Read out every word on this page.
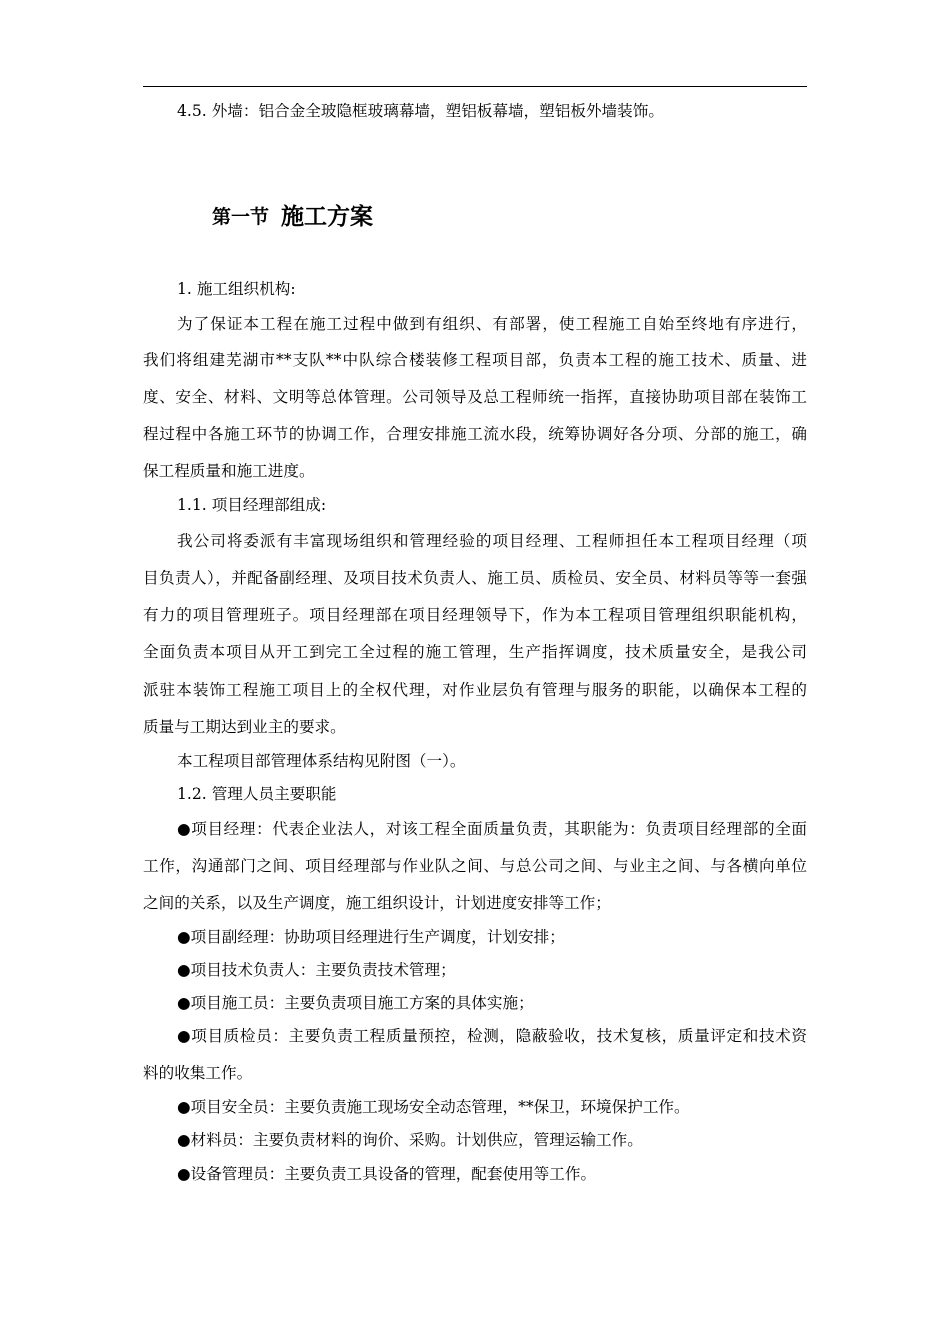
4.5. 外墙：铝合金全玻隐框玻璃幕墙，塑铝板幕墙，塑铝板外墙装饰。
第一节 施工方案
1. 施工组织机构:
为了保证本工程在施工过程中做到有组织、有部署，使工程施工自始至终地有序进行，
我们将组建芜湖市**支队**中队综合楼装修工程项目部，负责本工程的施工技术、质量、进
度、安全、材料、文明等总体管理。公司领导及总工程师统一指挥，直接协助项目部在装饰工
程过程中各施工环节的协调工作，合理安排施工流水段，统筹协调好各分项、分部的施工，确
保工程质量和施工进度。
1.1. 项目经理部组成:
我公司将委派有丰富现场组织和管理经验的项目经理、工程师担任本工程项目经理（项
目负责人），并配备副经理、及项目技术负责人、施工员、质检员、安全员、材料员等等一套强
有力的项目管理班子。项目经理部在项目经理领导下，作为本工程项目管理组织职能机构，
全面负责本项目从开工到完工全过程的施工管理，生产指挥调度，技术质量安全，是我公司
派驻本装饰工程施工项目上的全权代理，对作业层负有管理与服务的职能，以确保本工程的
质量与工期达到业主的要求。
本工程项目部管理体系结构见附图（一）。
1.2. 管理人员主要职能
●项目经理：代表企业法人，对该工程全面质量负责，其职能为：负责项目经理部的全面
工作，沟通部门之间、项目经理部与作业队之间、与总公司之间、与业主之间、与各横向单位
之间的关系，以及生产调度，施工组织设计，计划进度安排等工作；
●项目副经理：协助项目经理进行生产调度，计划安排；
●项目技术负责人：主要负责技术管理；
●项目施工员：主要负责项目施工方案的具体实施；
●项目质检员：主要负责工程质量预控，检测，隐蔽验收，技术复核，质量评定和技术资
料的收集工作。
●项目安全员：主要负责施工现场安全动态管理，**保卫，环境保护工作。
●材料员：主要负责材料的询价、采购。计划供应，管理运输工作。
●设备管理员：主要负责工具设备的管理，配套使用等工作。
